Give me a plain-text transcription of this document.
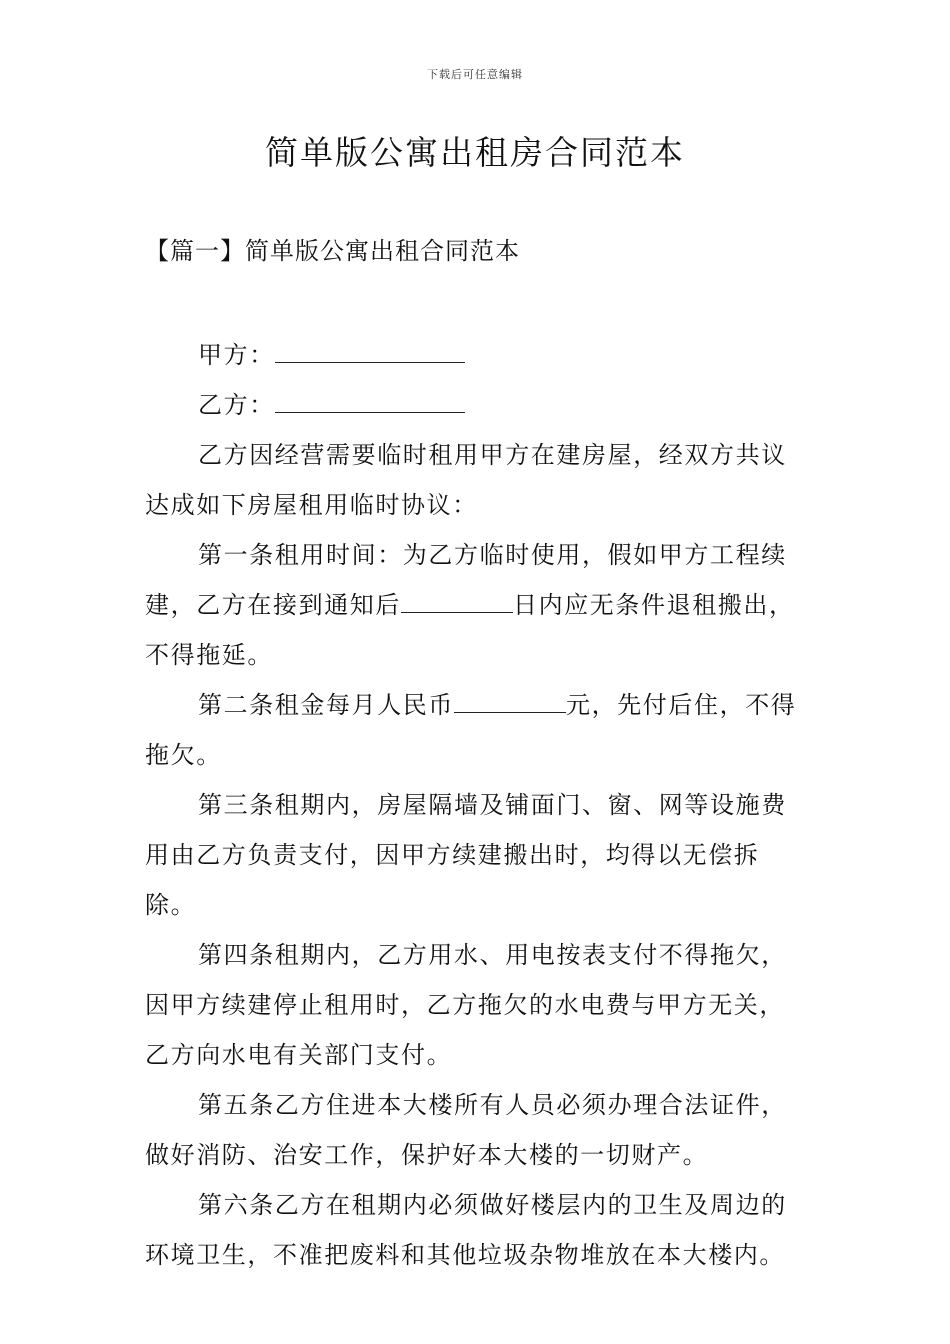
下载后可任意编辑
简单版公寓出租房合同范本
【篇一】简单版公寓出租合同范本

甲方：

乙方：

乙方因经营需要临时租用甲方在建房屋，经双方共议达成如下房屋租用临时协议：

第一条租用时间：为乙方临时使用，假如甲方工程续建，乙方在接到通知后	日内应无条件退租搬出，不得拖延。

第二条租金每月人民币	元，先付后住，不得拖欠。

第三条租期内，房屋隔墙及铺面门、窗、网等设施费用由乙方负责支付，因甲方续建搬出时，均得以无偿拆除。

第四条租期内，乙方用水、用电按表支付不得拖欠，因甲方续建停止租用时，乙方拖欠的水电费与甲方无关，乙方向水电有关部门支付。

第五条乙方住进本大楼所有人员必须办理合法证件，做好消防、治安工作，保护好本大楼的一切财产。

第六条乙方在租期内必须做好楼层内的卫生及周边的环境卫生，不准把废料和其他垃圾杂物堆放在本大楼内。
